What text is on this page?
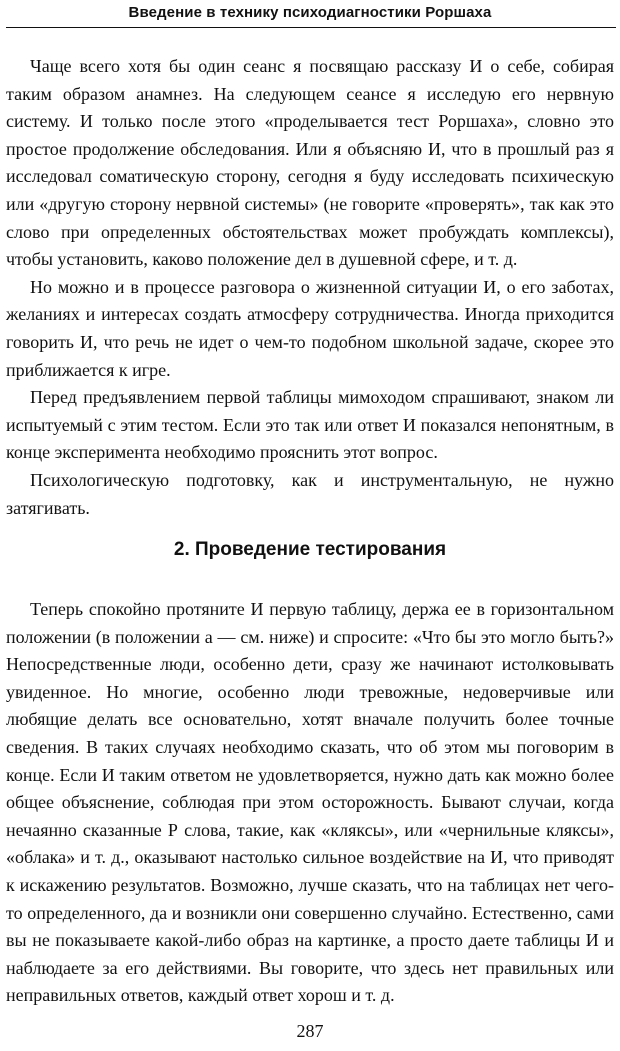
Введение в технику психодиагностики Роршаха

Чаще всего хотя бы один сеанс я посвящаю рассказу И о себе, собирая таким образом анамнез. На следующем сеансе я исследую его нервную систему. И только после этого «проделывается тест Роршаха», словно это простое продолжение обследования. Или я объясняю И, что в прошлый раз я исследовал соматическую сторону, сегодня я буду исследовать психическую или «другую сторону нервной системы» (не говорите «проверять», так как это слово при определенных обстоятельствах может пробуждать комплексы), чтобы установить, каково положение дел в душевной сфере, и т. д.

Но можно и в процессе разговора о жизненной ситуации И, о его заботах, желаниях и интересах создать атмосферу сотрудничества. Иногда приходится говорить И, что речь не идет о чем-то подобном школьной задаче, скорее это приближается к игре.

Перед предъявлением первой таблицы мимоходом спрашивают, знаком ли испытуемый с этим тестом. Если это так или ответ И показался непонятным, в конце эксперимента необходимо прояснить этот вопрос.

Психологическую подготовку, как и инструментальную, не нужно затягивать.

2. Проведение тестирования

Теперь спокойно протяните И первую таблицу, держа ее в горизонтальном положении (в положении а — см. ниже) и спросите: «Что бы это могло быть?» Непосредственные люди, особенно дети, сразу же начинают истолковывать увиденное. Но многие, особенно люди тревожные, недоверчивые или любящие делать все основательно, хотят вначале получить более точные сведения. В таких случаях необходимо сказать, что об этом мы поговорим в конце. Если И таким ответом не удовлетворяется, нужно дать как можно более общее объяснение, соблюдая при этом осторожность. Бывают случаи, когда нечаянно сказанные Р слова, такие, как «кляксы», или «чернильные кляксы», «облака» и т. д., оказывают настолько сильное воздействие на И, что приводят к искажению результатов. Возможно, лучше сказать, что на таблицах нет чего-то определенного, да и возникли они совершенно случайно. Естественно, сами вы не показываете какой-либо образ на картинке, а просто даете таблицы И и наблюдаете за его действиями. Вы говорите, что здесь нет правильных или неправильных ответов, каждый ответ хорош и т. д.

287
